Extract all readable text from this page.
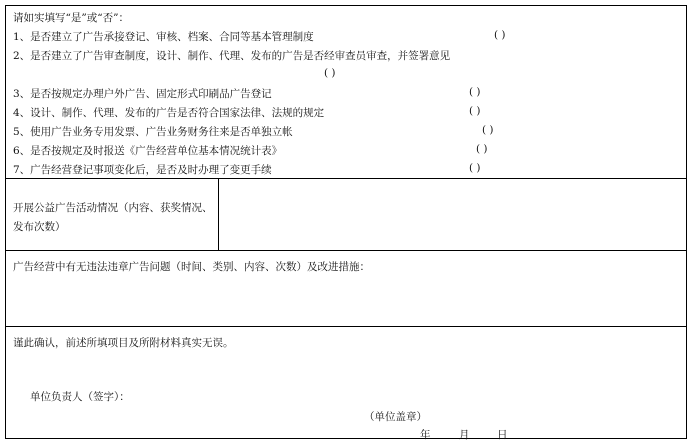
请如实填写“是”或“否”：
1、是否建立了广告承接登记、审核、档案、合同等基本管理制度	( )
2、是否建立了广告审查制度，设计、制作、代理、发布的广告是否经审查员审查，并签署意见
( )
3、是否按规定办理户外广告、固定形式印刷品广告登记	( )
4、设计、制作、代理、发布的广告是否符合国家法律、法规的规定	( )
5、使用广告业务专用发票、广告业务财务往来是否单独立帐	( )
6、是否按规定及时报送《广告经营单位基本情况统计表》	( )
7、广告经营登记事项变化后，是否及时办理了变更手续	( )
开展公益广告活动情况（内容、获奖情况、发布次数）
广告经营中有无违法违章广告问题（时间、类别、内容、次数）及改进措施：
谨此确认，前述所填项目及所附材料真实无误。
单位负责人（签字）：
（单位盖章）
年	月	日
